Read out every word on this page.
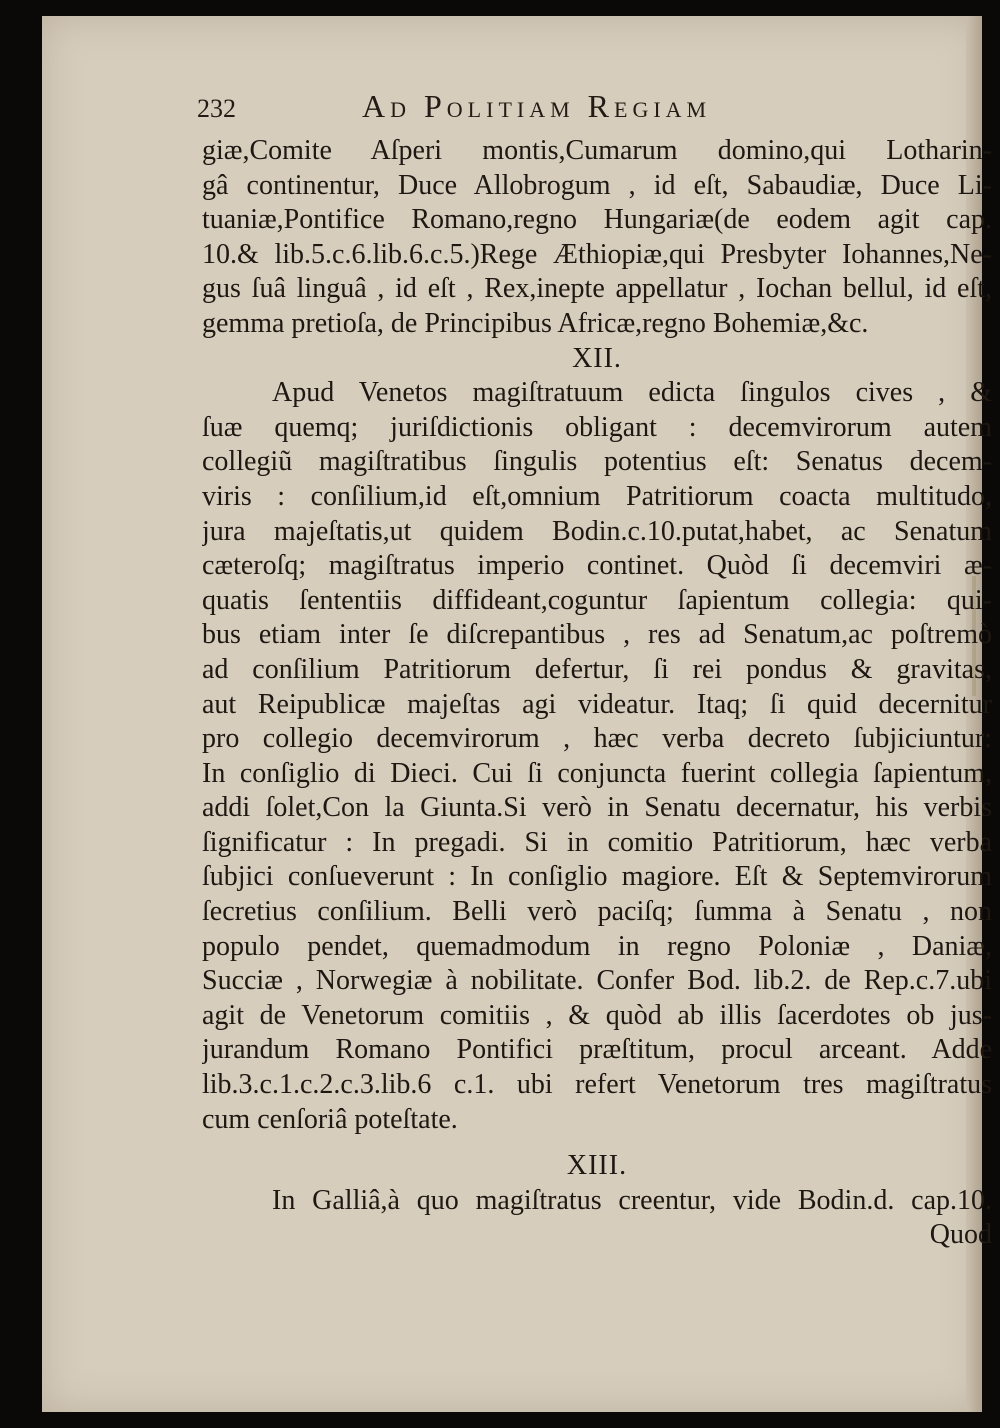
232	Ad Politiam Regiam
giæ,Comite Aſperi montis,Cumarum domino,qui Lotharin-
gâ continentur, Duce Allobrogum , id eſt, Sabaudiæ, Duce Li-
tuaniæ,Pontifice Romano,regno Hungariæ(de eodem agit cap.
10.& lib.5.c.6.lib.6.c.5.)Rege Æthiopiæ,qui Presbyter Iohannes,Ne-
gus ſuâ linguâ , id eſt , Rex,inepte appellatur , Iochan bellul, id eſt,
gemma pretioſa, de Principibus Africæ,regno Bohemiæ,&c.
XII.
Apud Venetos magiſtratuum edicta ſingulos cives , &
ſuæ quemq; juriſdictionis obligant : decemvirorum autem
collegiũ magiſtratibus ſingulis potentius eſt: Senatus decem-
viris : conſilium,id eſt,omnium Patritiorum coacta multitudo,
jura majeſtatis,ut quidem Bodin.c.10.putat,habet, ac Senatum
cæteroſq; magiſtratus imperio continet. Quòd ſi decemviri æ-
quatis ſententiis diffideant,coguntur ſapientum collegia: qui-
bus etiam inter ſe diſcrepantibus , res ad Senatum,ac poſtremò
ad conſilium Patritiorum defertur, ſi rei pondus & gravitas,
aut Reipublicæ majeſtas agi videatur. Itaq; ſi quid decernitur
pro collegio decemvirorum , hæc verba decreto ſubjiciuntur:
In conſiglio di Dieci. Cui ſi conjuncta fuerint collegia ſapientum,
addi ſolet,Con la Giunta.Si verò in Senatu decernatur, his verbis
ſignificatur : In pregadi. Si in comitio Patritiorum, hæc verba
ſubjici conſueverunt : In conſiglio magiore. Eſt & Septemvirorum
ſecretius conſilium. Belli verò paciſq; ſumma à Senatu , non
populo pendet, quemadmodum in regno Poloniæ , Daniæ,
Succiæ , Norwegiæ à nobilitate. Confer Bod. lib.2. de Rep.c.7.ubi
agit de Venetorum comitiis , & quòd ab illis ſacerdotes ob jus-
jurandum Romano Pontifici præſtitum, procul arceant. Adde
lib.3.c.1.c.2.c.3.lib.6 c.1. ubi refert Venetorum tres magiſtratus
cum cenſoriâ poteſtate.
XIII.
In Galliâ,à quo magiſtratus creentur, vide Bodin.d. cap.10.
Quod
